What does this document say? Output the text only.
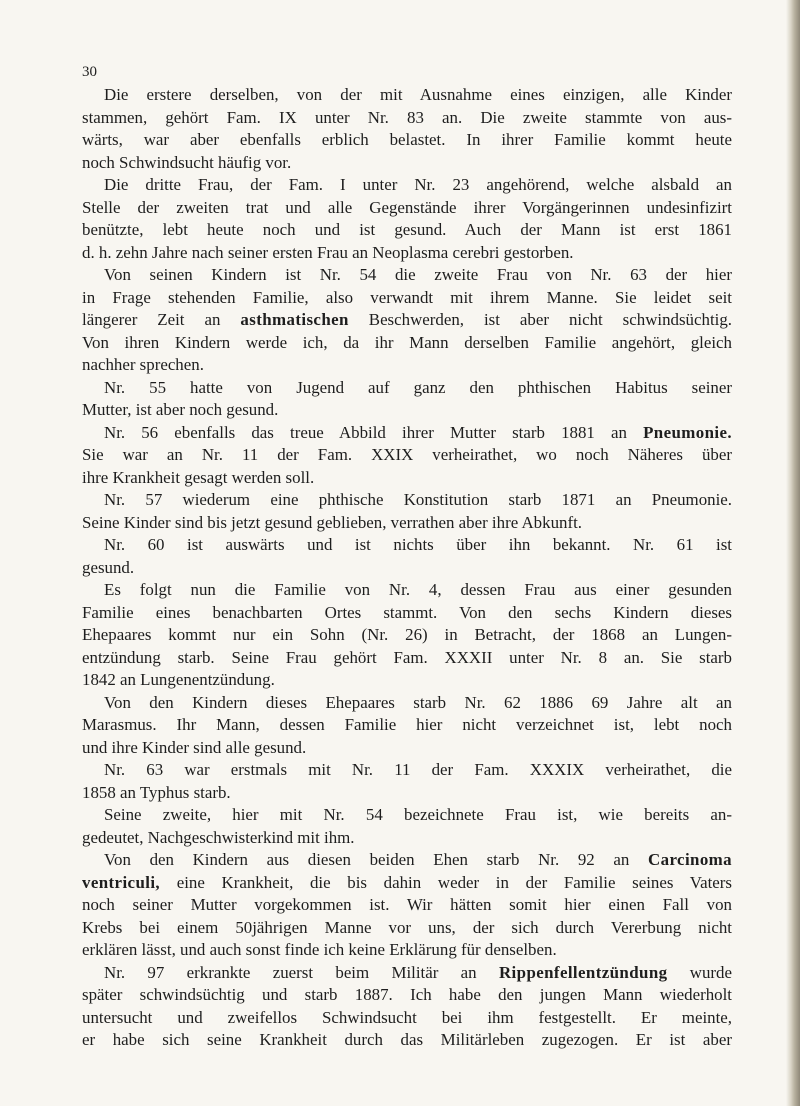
30
Die erstere derselben, von der mit Ausnahme eines einzigen, alle Kinder
stammen, gehört Fam. IX unter Nr. 83 an. Die zweite stammte von aus-
wärts, war aber ebenfalls erblich belastet. In ihrer Familie kommt heute
noch Schwindsucht häufig vor.
Die dritte Frau, der Fam. I unter Nr. 23 angehörend, welche alsbald an
Stelle der zweiten trat und alle Gegenstände ihrer Vorgängerinnen undesinfizirt
benützte, lebt heute noch und ist gesund. Auch der Mann ist erst 1861
d. h. zehn Jahre nach seiner ersten Frau an Neoplasma cerebri gestorben.
Von seinen Kindern ist Nr. 54 die zweite Frau von Nr. 63 der hier
in Frage stehenden Familie, also verwandt mit ihrem Manne. Sie leidet seit
längerer Zeit an asthmatischen Beschwerden, ist aber nicht schwindsüchtig.
Von ihren Kindern werde ich, da ihr Mann derselben Familie angehört, gleich
nachher sprechen.
Nr. 55 hatte von Jugend auf ganz den phthischen Habitus seiner
Mutter, ist aber noch gesund.
Nr. 56 ebenfalls das treue Abbild ihrer Mutter starb 1881 an Pneumonie.
Sie war an Nr. 11 der Fam. XXIX verheirathet, wo noch Näheres über
ihre Krankheit gesagt werden soll.
Nr. 57 wiederum eine phthische Konstitution starb 1871 an Pneumonie.
Seine Kinder sind bis jetzt gesund geblieben, verrathen aber ihre Abkunft.
Nr. 60 ist auswärts und ist nichts über ihn bekannt. Nr. 61 ist
gesund.
Es folgt nun die Familie von Nr. 4, dessen Frau aus einer gesunden
Familie eines benachbarten Ortes stammt. Von den sechs Kindern dieses
Ehepaares kommt nur ein Sohn (Nr. 26) in Betracht, der 1868 an Lungen-
entzündung starb. Seine Frau gehört Fam. XXXII unter Nr. 8 an. Sie starb
1842 an Lungenentzündung.
Von den Kindern dieses Ehepaares starb Nr. 62 1886 69 Jahre alt an
Marasmus. Ihr Mann, dessen Familie hier nicht verzeichnet ist, lebt noch
und ihre Kinder sind alle gesund.
Nr. 63 war erstmals mit Nr. 11 der Fam. XXXIX verheirathet, die
1858 an Typhus starb.
Seine zweite, hier mit Nr. 54 bezeichnete Frau ist, wie bereits an-
gedeutet, Nachgeschwisterkind mit ihm.
Von den Kindern aus diesen beiden Ehen starb Nr. 92 an Carcinoma
ventriculi, eine Krankheit, die bis dahin weder in der Familie seines Vaters
noch seiner Mutter vorgekommen ist. Wir hätten somit hier einen Fall von
Krebs bei einem 50jährigen Manne vor uns, der sich durch Vererbung nicht
erklären lässt, und auch sonst finde ich keine Erklärung für denselben.
Nr. 97 erkrankte zuerst beim Militär an Rippenfellentzündung wurde
später schwindsüchtig und starb 1887. Ich habe den jungen Mann wiederholt
untersucht und zweifellos Schwindsucht bei ihm festgestellt. Er meinte,
er habe sich seine Krankheit durch das Militärleben zugezogen. Er ist aber
